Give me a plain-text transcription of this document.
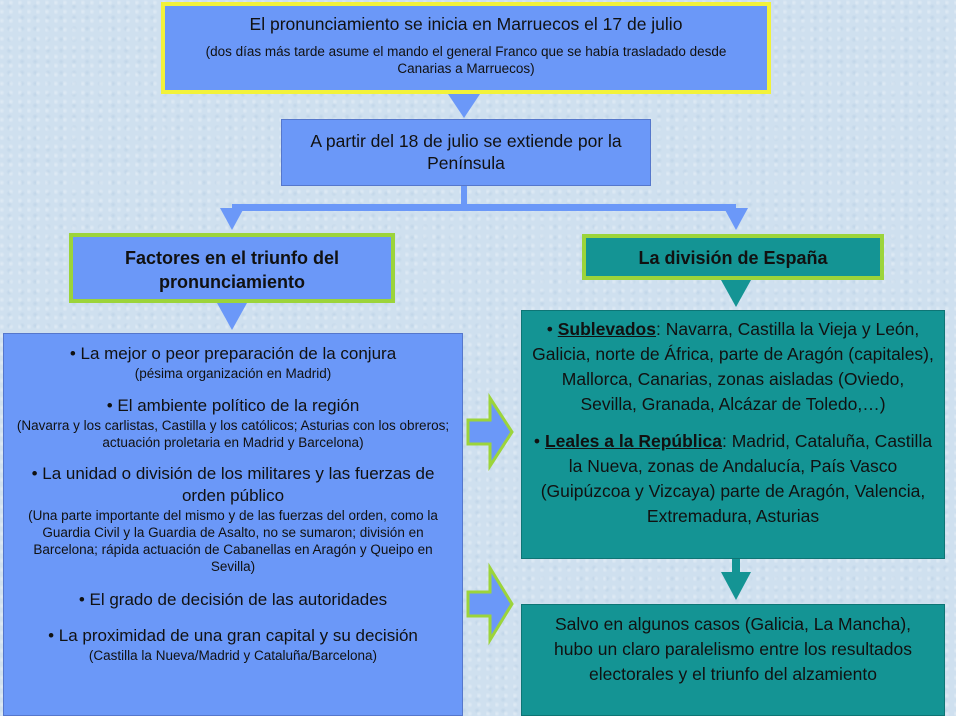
El pronunciamiento se inicia en Marruecos el 17 de julio

(dos días más tarde asume el mando el general Franco que se había trasladado desde Canarias a Marruecos)

A partir del 18 de julio se extiende por la Península

Factores en el triunfo del pronunciamiento

La división de España

• La mejor o peor preparación de la conjura

(pésima organización en Madrid)

• El ambiente político de la región

(Navarra y los carlistas, Castilla y los católicos; Asturias con los obreros; actuación proletaria en Madrid y Barcelona)

• La unidad o división de los militares y las fuerzas de orden público

(Una parte importante del mismo y de las fuerzas del orden, como la Guardia Civil y la Guardia de Asalto, no se sumaron; división en Barcelona; rápida actuación de Cabanellas en Aragón y Queipo en Sevilla)

• El grado de decisión de las autoridades

• La proximidad de una gran capital y su decisión

(Castilla la Nueva/Madrid y Cataluña/Barcelona)

• Sublevados: Navarra, Castilla la Vieja y León, Galicia, norte de África, parte de Aragón (capitales), Mallorca, Canarias, zonas aisladas (Oviedo, Sevilla, Granada, Alcázar de Toledo,…)

• Leales a la República: Madrid, Cataluña, Castilla la Nueva, zonas de Andalucía, País Vasco (Guipúzcoa y Vizcaya) parte de Aragón, Valencia, Extremadura, Asturias

Salvo en algunos casos (Galicia, La Mancha), hubo un claro paralelismo entre los resultados electorales y el triunfo del alzamiento
